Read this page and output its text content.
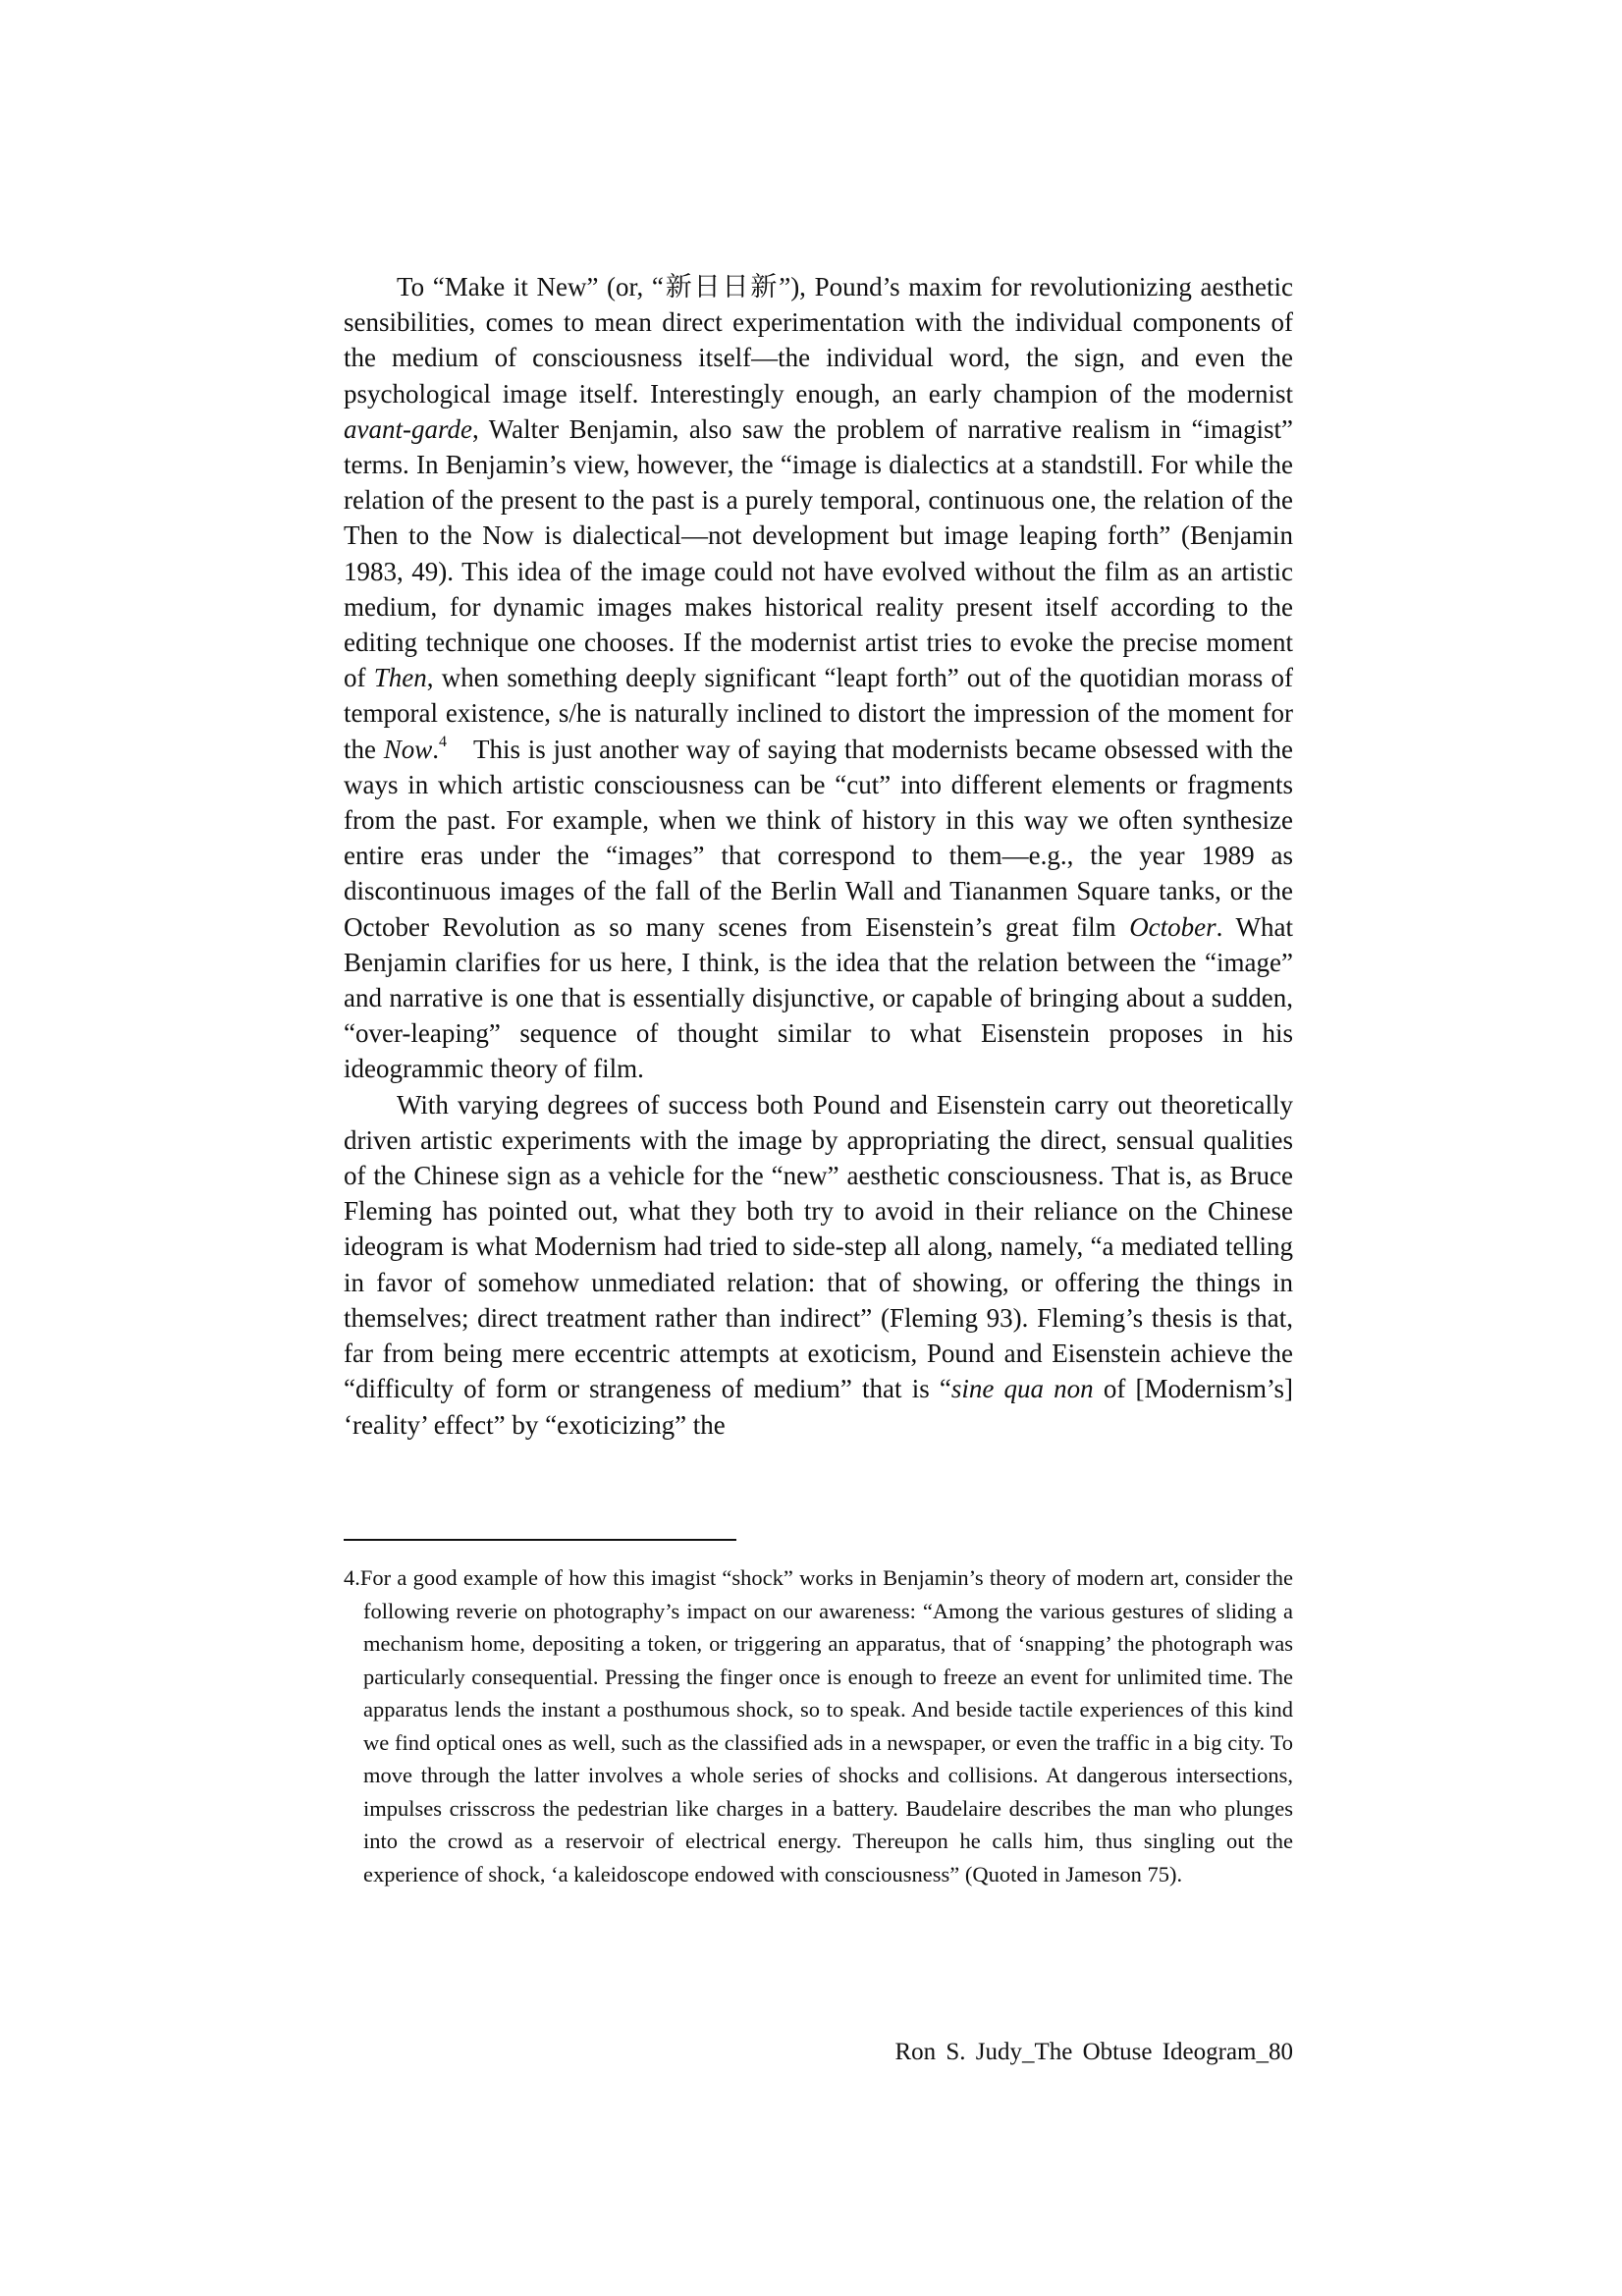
To “Make it New” (or, “新日日新”), Pound’s maxim for revolutionizing aesthetic sensibilities, comes to mean direct experimentation with the individual components of the medium of consciousness itself—the individual word, the sign, and even the psychological image itself. Interestingly enough, an early champion of the modernist avant-garde, Walter Benjamin, also saw the problem of narrative realism in “imagist” terms. In Benjamin’s view, however, the “image is dialectics at a standstill. For while the relation of the present to the past is a purely temporal, continuous one, the relation of the Then to the Now is dialectical—not development but image leaping forth” (Benjamin 1983, 49). This idea of the image could not have evolved without the film as an artistic medium, for dynamic images makes historical reality present itself according to the editing technique one chooses. If the modernist artist tries to evoke the precise moment of Then, when something deeply significant “leapt forth” out of the quotidian morass of temporal existence, s/he is naturally inclined to distort the impression of the moment for the Now.$^4$ This is just another way of saying that modernists became obsessed with the ways in which artistic consciousness can be “cut” into different elements or fragments from the past. For example, when we think of history in this way we often synthesize entire eras under the “images” that correspond to them—e.g., the year 1989 as discontinuous images of the fall of the Berlin Wall and Tiananmen Square tanks, or the October Revolution as so many scenes from Eisenstein’s great film October. What Benjamin clarifies for us here, I think, is the idea that the relation between the “image” and narrative is one that is essentially disjunctive, or capable of bringing about a sudden, “over-leaping” sequence of thought similar to what Eisenstein proposes in his ideogrammic theory of film.

With varying degrees of success both Pound and Eisenstein carry out theoretically driven artistic experiments with the image by appropriating the direct, sensual qualities of the Chinese sign as a vehicle for the “new” aesthetic consciousness. That is, as Bruce Fleming has pointed out, what they both try to avoid in their reliance on the Chinese ideogram is what Modernism had tried to side-step all along, namely, “a mediated telling in favor of somehow unmediated relation: that of showing, or offering the things in themselves; direct treatment rather than indirect” (Fleming 93). Fleming’s thesis is that, far from being mere eccentric attempts at exoticism, Pound and Eisenstein achieve the “difficulty of form or strangeness of medium” that is “sine qua non of [Modernism’s] ‘reality’ effect” by “exoticizing” the

4.For a good example of how this imagist “shock” works in Benjamin’s theory of modern art, consider the following reverie on photography’s impact on our awareness: “Among the various gestures of sliding a mechanism home, depositing a token, or triggering an apparatus, that of ‘snapping’ the photograph was particularly consequential. Pressing the finger once is enough to freeze an event for unlimited time. The apparatus lends the instant a posthumous shock, so to speak. And beside tactile experiences of this kind we find optical ones as well, such as the classified ads in a newspaper, or even the traffic in a big city. To move through the latter involves a whole series of shocks and collisions. At dangerous intersections, impulses crisscross the pedestrian like charges in a battery. Baudelaire describes the man who plunges into the crowd as a reservoir of electrical energy. Thereupon he calls him, thus singling out the experience of shock, ‘a kaleidoscope endowed with consciousness” (Quoted in Jameson 75).
Ron S. Judy_The Obtuse Ideogram_80
